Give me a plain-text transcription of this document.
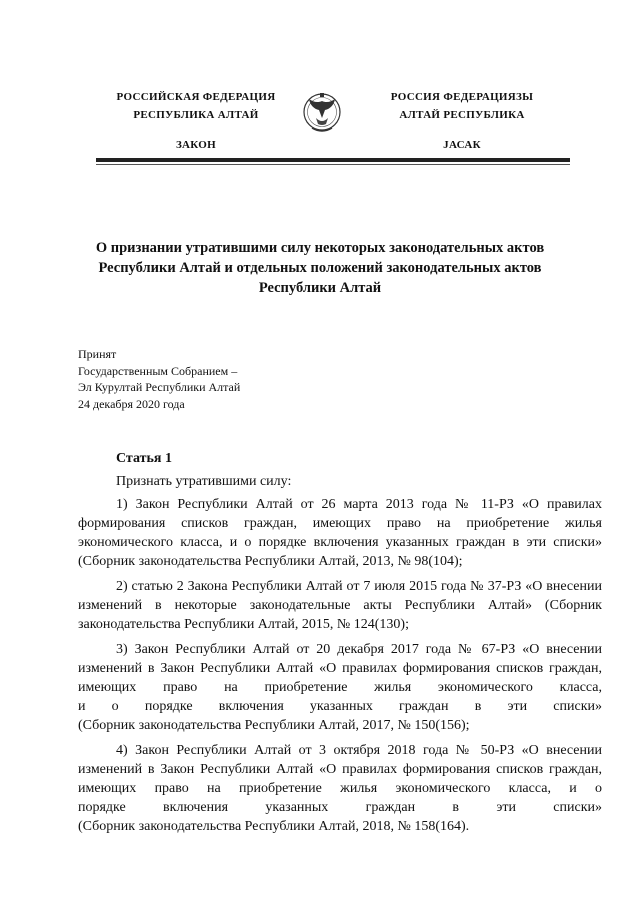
РОССИЙСКАЯ ФЕДЕРАЦИЯ
РЕСПУБЛИКА АЛТАЙ
ЗАКОН
РОССИЯ ФЕДЕРАЦИЯЗЫ
АЛТАЙ РЕСПУБЛИКА
JАСАК
О признании утратившими силу некоторых законодательных актов
Республики Алтай и отдельных положений законодательных актов
Республики Алтай
Принят
Государственным Собранием –
Эл Курултай Республики Алтай
24 декабря 2020 года
Статья 1

Признать утратившими силу:

1) Закон Республики Алтай от 26 марта 2013 года № 11-РЗ «О правилах формирования списков граждан, имеющих право на приобретение жилья экономического класса, и о порядке включения указанных граждан в эти списки» (Сборник законодательства Республики Алтай, 2013, № 98(104);

2) статью 2 Закона Республики Алтай от 7 июля 2015 года № 37-РЗ «О внесении изменений в некоторые законодательные акты Республики Алтай» (Сборник законодательства Республики Алтай, 2015, № 124(130);

3) Закон Республики Алтай от 20 декабря 2017 года № 67-РЗ «О внесении изменений в Закон Республики Алтай «О правилах формирования списков граждан, имеющих право на приобретение жилья экономического класса,

и о порядке включения указанных граждан в эти списки»

(Сборник законодательства Республики Алтай, 2017, № 150(156);

4) Закон Республики Алтай от 3 октября 2018 года № 50-РЗ «О внесении изменений в Закон Республики Алтай «О правилах формирования списков граждан, имеющих право на приобретение жилья экономического класса, и о

порядке включения указанных граждан в эти списки»

(Сборник законодательства Республики Алтай, 2018, № 158(164).
